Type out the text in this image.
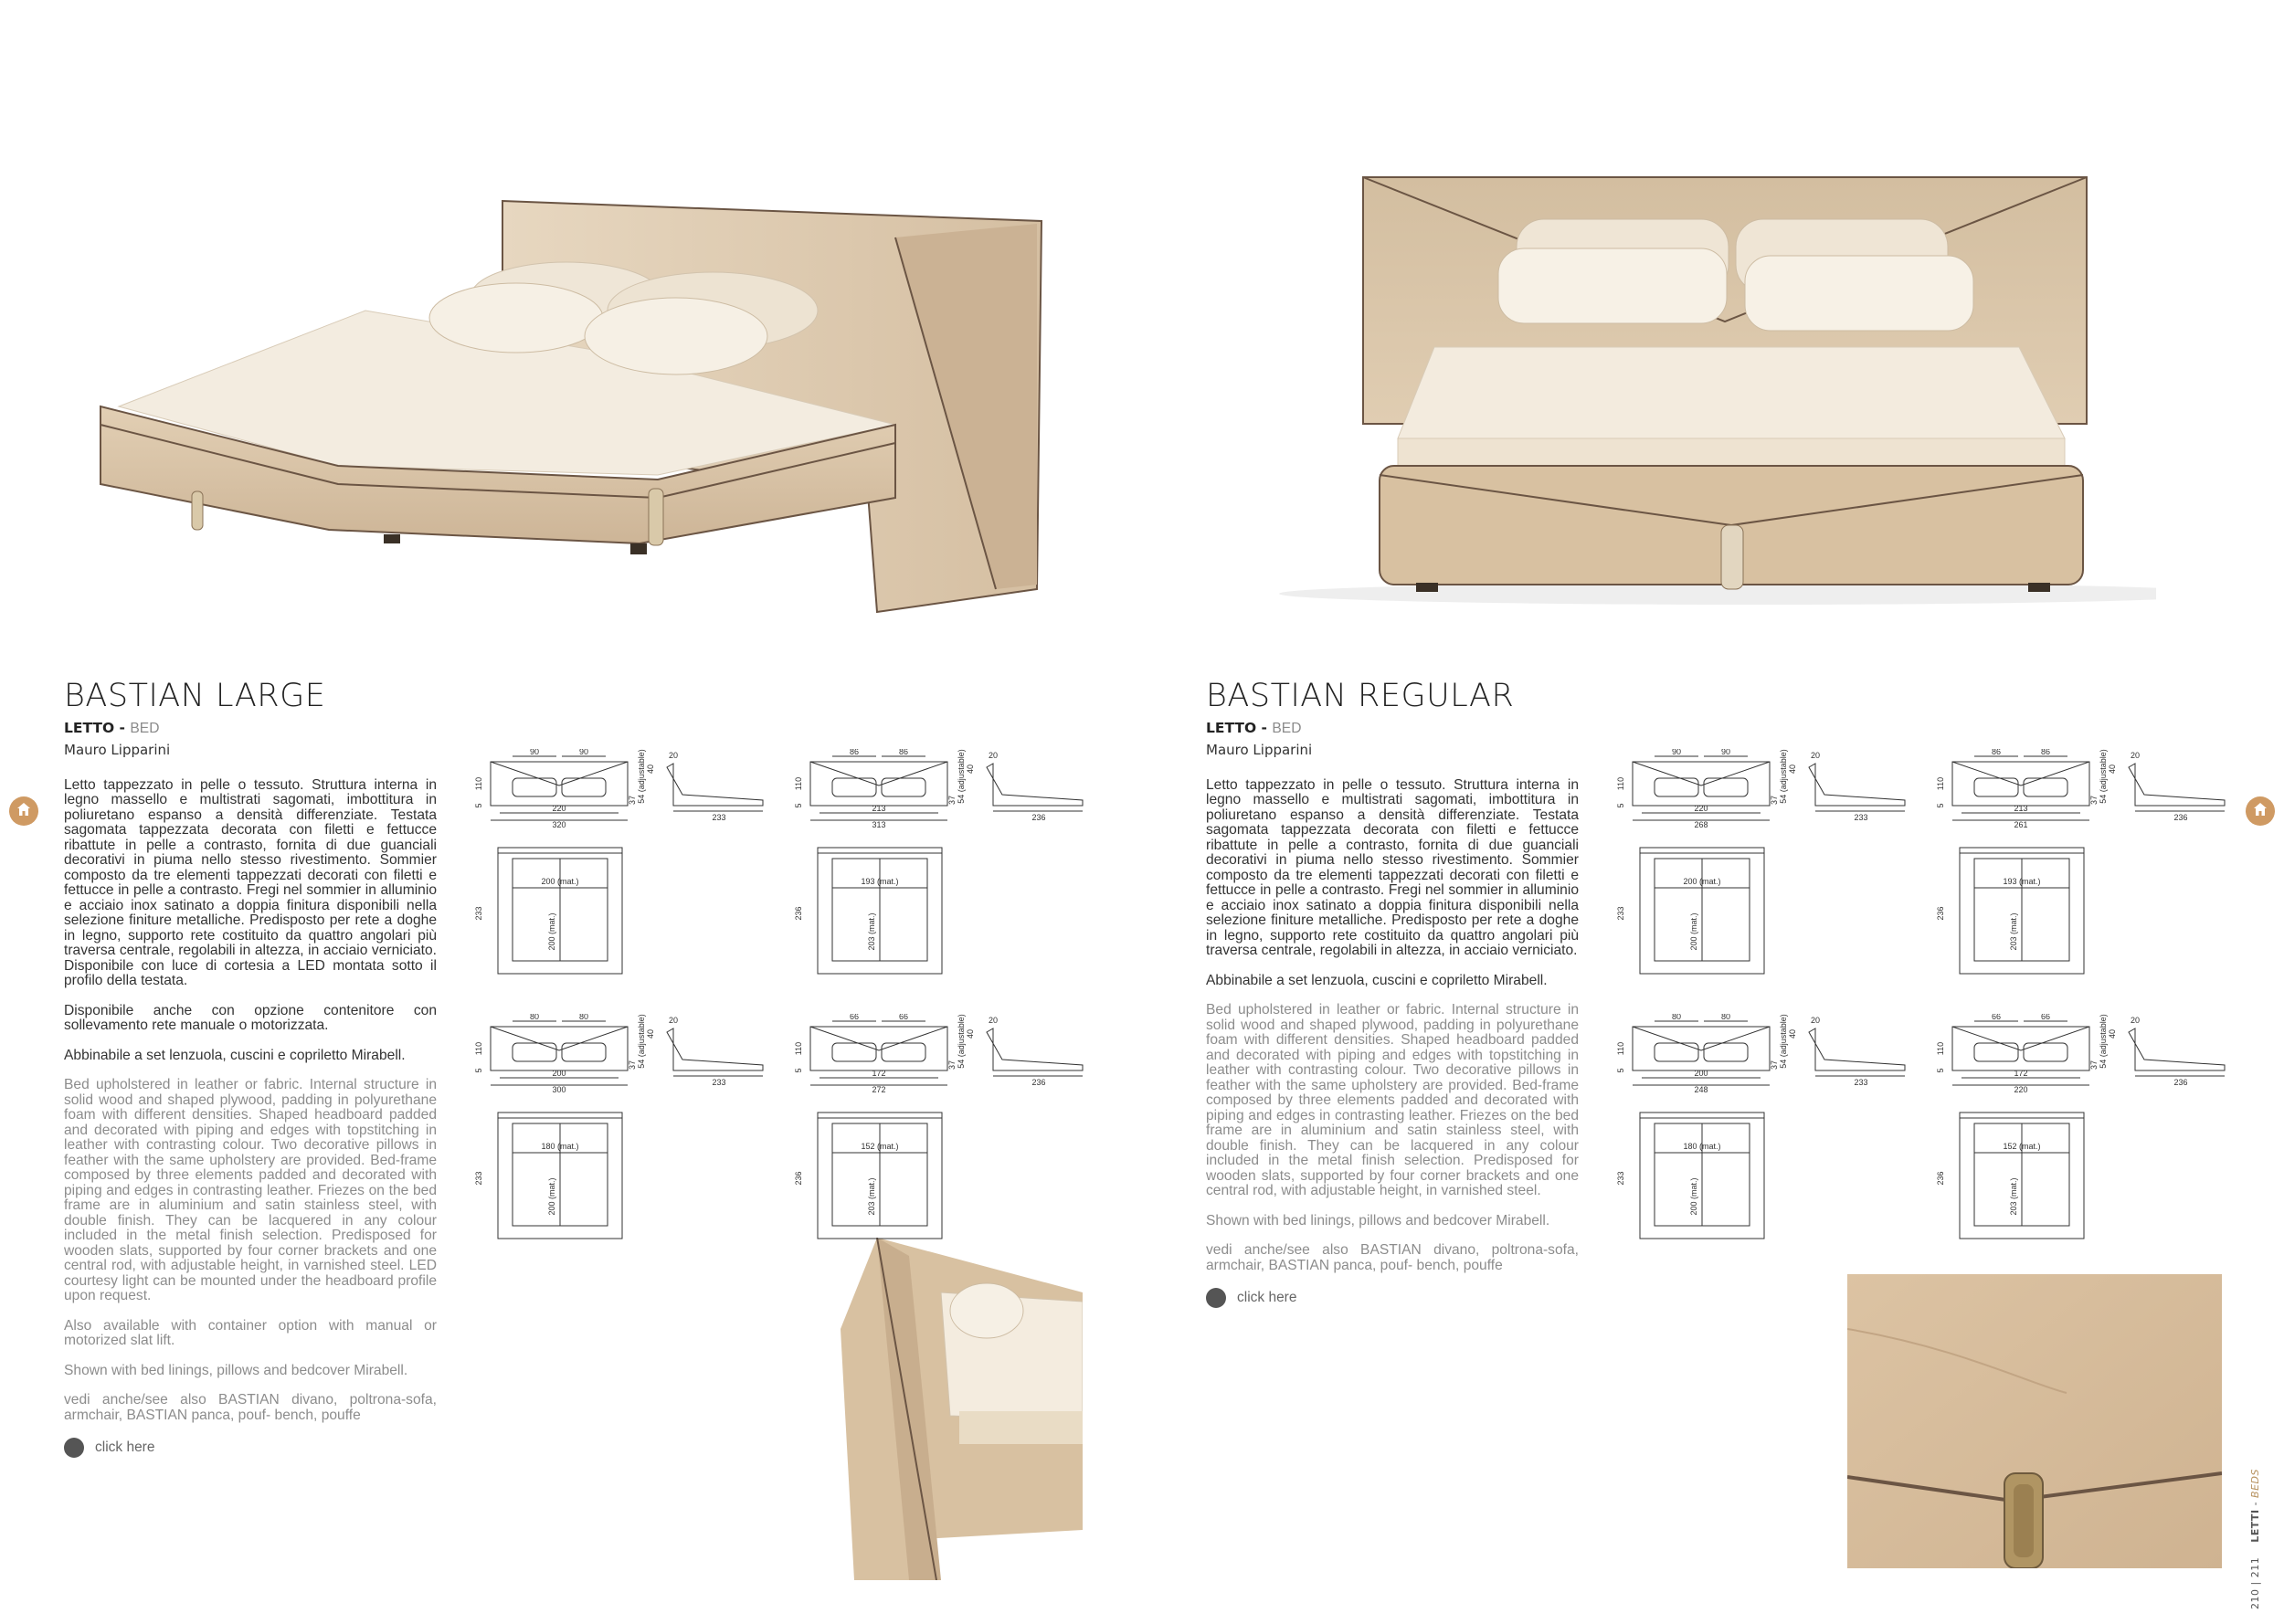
BASTIAN LARGE
LETTO - BED
Mauro Lipparini

Letto tappezzato in pelle o tessuto. Struttura interna in legno massello e multistrati sagomati, imbottitura in poliuretano espanso a densità differenziate. Testata sagomata tappezzata decorata con filetti e fettucce ribattute in pelle a contrasto, fornita di due guanciali decorativi in piuma nello stesso rivestimento. Sommier composto da tre elementi tappezzati decorati con filetti e fettucce in pelle a contrasto. Fregi nel sommier in alluminio e acciaio inox satinato a doppia finitura disponibili nella selezione finiture metalliche. Predisposto per rete a doghe in legno, supporto rete costituito da quattro angolari più traversa centrale, regolabili in altezza, in acciaio verniciato. Disponibile con luce di cortesia a LED montata sotto il profilo della testata.

Disponibile anche con opzione contenitore con sollevamento rete manuale o motorizzata.

Abbinabile a set lenzuola, cuscini e copriletto Mirabell.

Bed upholstered in leather or fabric. Internal structure in solid wood and shaped plywood, padding in polyurethane foam with different densities. Shaped headboard padded and decorated with piping and edges with topstitching in leather with contrasting colour. Two decorative pillows in feather with the same upholstery are provided. Bed-frame composed by three elements padded and decorated with piping and edges in contrasting leather. Friezes on the bed frame are in aluminium and satin stainless steel, with double finish. They can be lacquered in any colour included in the metal finish selection. Predisposed for wooden slats, supported by four corner brackets and one central rod, with adjustable height, in varnished steel. LED courtesy light can be mounted under the headboard profile upon request.

Also available with container option with manual or motorized slat lift.

Shown with bed linings, pillows and bedcover Mirabell.

vedi anche/see also BASTIAN divano, poltrona-sofa, armchair, BASTIAN panca, pouf- bench, pouffe

click here
BASTIAN REGULAR
LETTO - BED
Mauro Lipparini

Letto tappezzato in pelle o tessuto. Struttura interna in legno massello e multistrati sagomati, imbottitura in poliuretano espanso a densità differenziate. Testata sagomata tappezzata decorata con filetti e fettucce ribattute in pelle a contrasto, fornita di due guanciali decorativi in piuma nello stesso rivestimento. Sommier composto da tre elementi tappezzati decorati con filetti e fettucce in pelle a contrasto. Fregi nel sommier in alluminio e acciaio inox satinato a doppia finitura disponibili nella selezione finiture metalliche. Predisposto per rete a doghe in legno, supporto rete costituito da quattro angolari più traversa centrale, regolabili in altezza, in acciaio verniciato.

Abbinabile a set lenzuola, cuscini e copriletto Mirabell.

Bed upholstered in leather or fabric. Internal structure in solid wood and shaped plywood, padding in polyurethane foam with different densities. Shaped headboard padded and decorated with piping and edges with topstitching in leather with contrasting colour. Two decorative pillows in feather with the same upholstery are provided. Bed-frame composed by three elements padded and decorated with piping and edges in contrasting leather. Friezes on the bed frame are in aluminium and satin stainless steel, with double finish. They can be lacquered in any colour included in the metal finish selection. Predisposed for wooden slats, supported by four corner brackets and one central rod, with adjustable height, in varnished steel.

Shown with bed linings, pillows and bedcover Mirabell.

vedi anche/see also BASTIAN divano, poltrona-sofa, armchair, BASTIAN panca, pouf- bench, pouffe

click here
90	90
220
320
110
5
37 54 (adjustable) 40
20
233
200 (mat.)
200 (mat.)
233
86	86
213
313
110
5
37 54 (adjustable) 40
20
236
193 (mat.)
203 (mat.)
236
80	80
200
300
110
5
37 54 (adjustable) 40
20
233
180 (mat.)
200 (mat.)
233
66	66
172
272
110
5
37 54 (adjustable) 40
20
236
152 (mat.)
203 (mat.)
236
90	90
220
268
110
5
37 54 (adjustable) 40
20
233
200 (mat.)
200 (mat.)
233
86	86
213
261
110
5
37 54 (adjustable) 40
20
236
193 (mat.)
203 (mat.)
236
80	80
200
248
110
5
37 54 (adjustable) 40
20
233
180 (mat.)
200 (mat.)
233
66	66
172
220
110
5
37 54 (adjustable) 40
20
236
152 (mat.)
203 (mat.)
236
210 | 211    LETTI - BEDS
